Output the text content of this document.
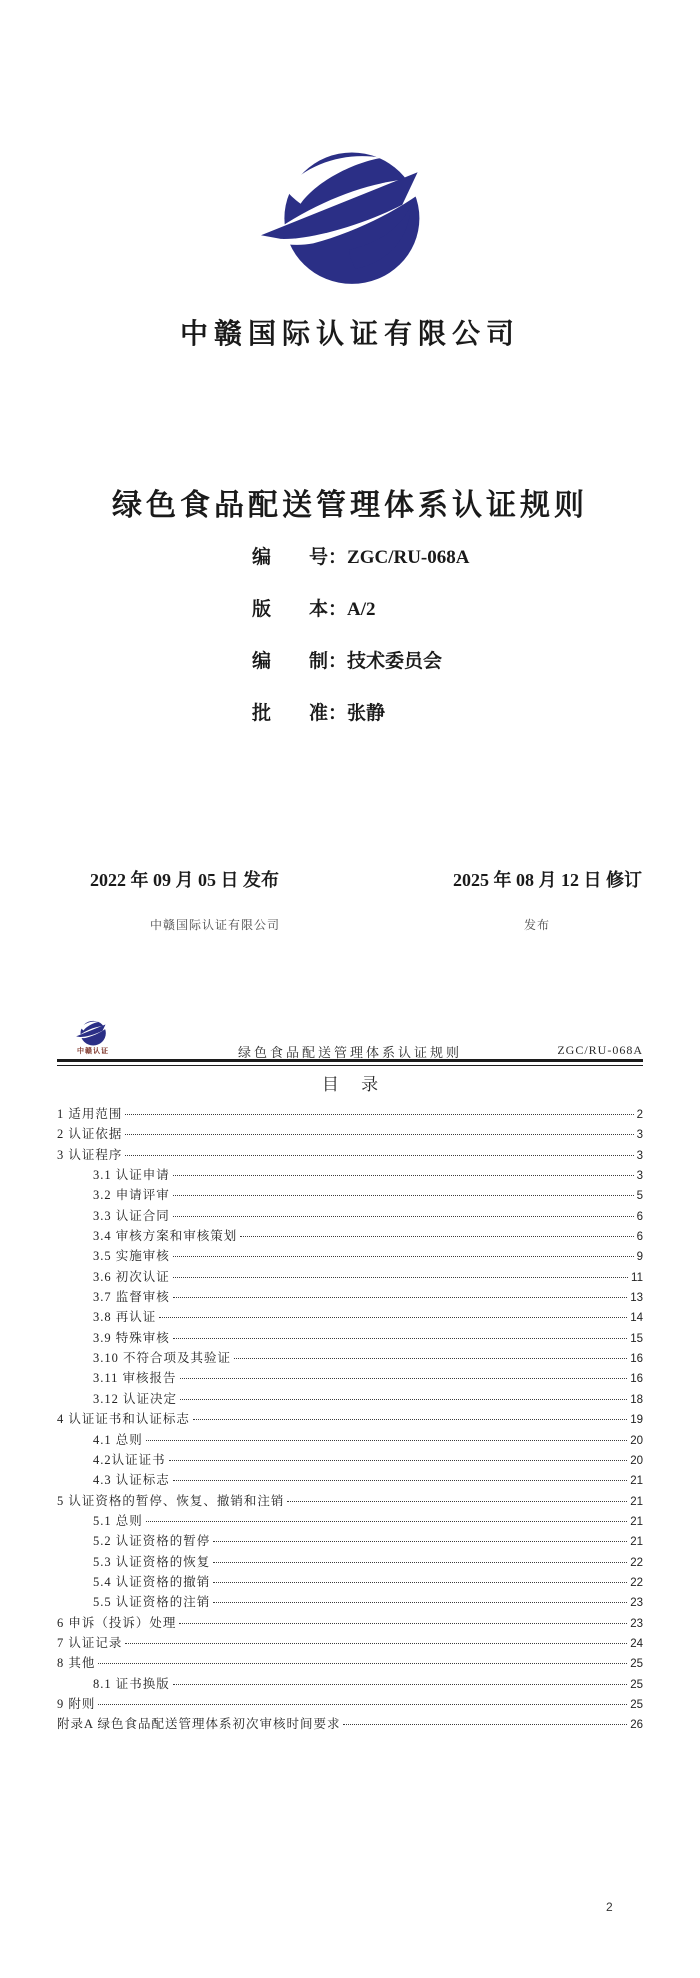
中赣国际认证有限公司
绿色食品配送管理体系认证规则
编　　号：ZGC/RU-068A
版　　本：A/2
编　　制：技术委员会
批　　准：张静
2022 年 09 月 05 日 发布	2025 年 08 月 12 日 修订
中赣国际认证有限公司	发布
中赣认证	绿色食品配送管理体系认证规则	ZGC/RU-068A
目 录
1 适用范围	2
2 认证依据	3
3 认证程序	3
3.1 认证申请	3
3.2 申请评审	5
3.3 认证合同	6
3.4 审核方案和审核策划	6
3.5 实施审核	9
3.6 初次认证	11
3.7 监督审核	13
3.8 再认证	14
3.9 特殊审核	15
3.10 不符合项及其验证	16
3.11 审核报告	16
3.12 认证决定	18
4 认证证书和认证标志	19
4.1 总则	20
4.2认证证书	20
4.3 认证标志	21
5 认证资格的暂停、恢复、撤销和注销	21
5.1 总则	21
5.2 认证资格的暂停	21
5.3 认证资格的恢复	22
5.4 认证资格的撤销	22
5.5 认证资格的注销	23
6 申诉（投诉）处理	23
7 认证记录	24
8 其他	25
8.1 证书换版	25
9 附则	25
附录A 绿色食品配送管理体系初次审核时间要求	26
2
